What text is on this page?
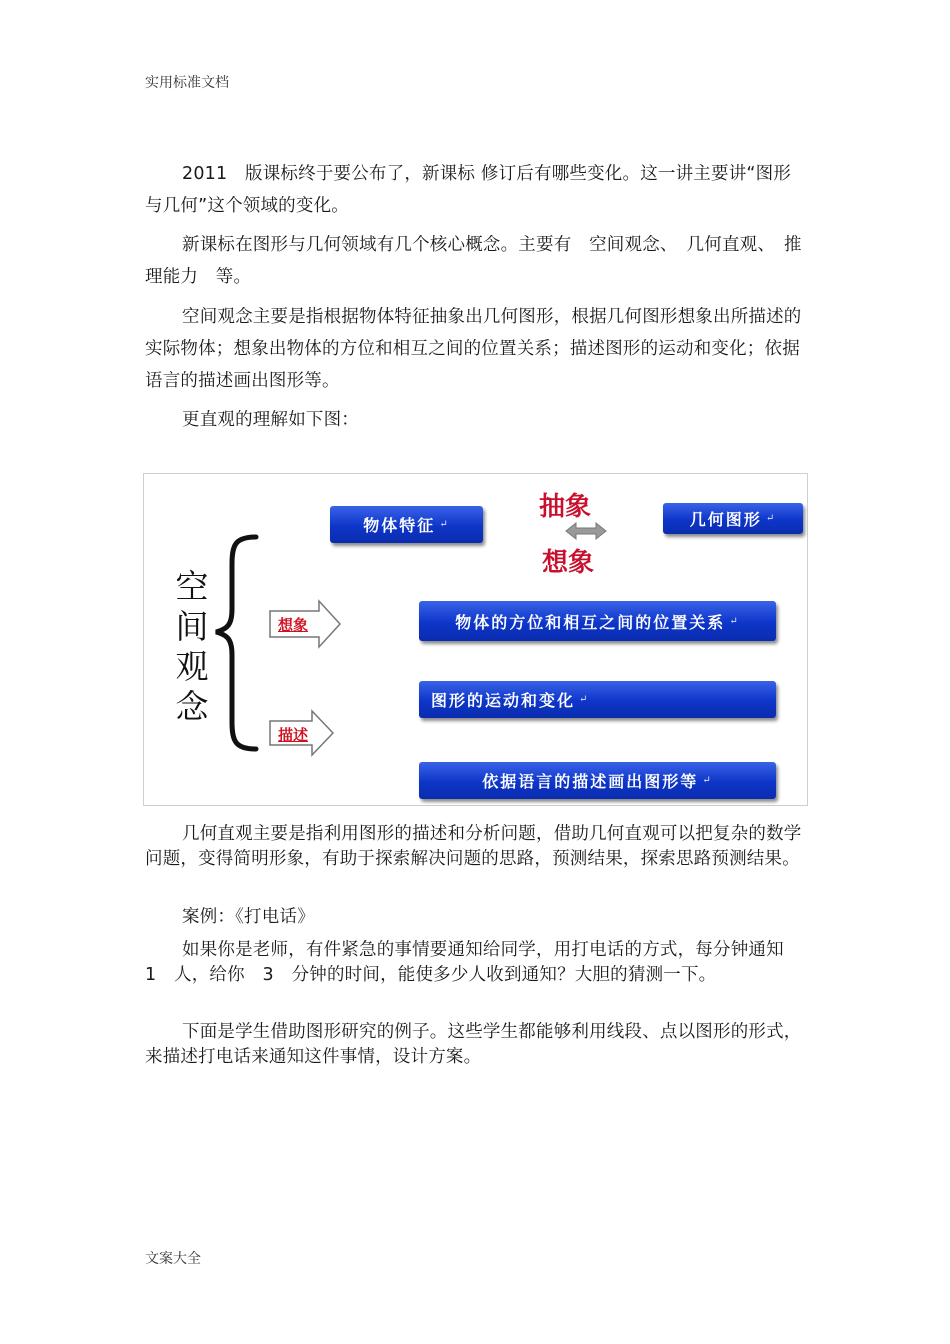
实用标准文档

2011　版课标终于要公布了，新课标 修订后有哪些变化。这一讲主要讲“图形与几何”这个领域的变化。

新课标在图形与几何领域有几个核心概念。主要有　空间观念、　几何直观、　推理能力　等。

空间观念主要是指根据物体特征抽象出几何图形，根据几何图形想象出所描述的实际物体；想象出物体的方位和相互之间的位置关系；描述图形的运动和变化；依据语言的描述画出图形等。

更直观的理解如下图：

空间观念
物体特征 ↵	几何图形 ↵
抽象
想象
想象
描述
物体的方位和相互之间的位置关系 ↵
图形的运动和变化 ↵
依据语言的描述画出图形等 ↵

几何直观主要是指利用图形的描述和分析问题，借助几何直观可以把复杂的数学问题，变得简明形象，有助于探索解决问题的思路，预测结果，探索思路预测结果。

案例：《打电话》

如果你是老师，有件紧急的事情要通知给同学，用打电话的方式，每分钟通知　1　人，给你　3　分钟的时间，能使多少人收到通知？大胆的猜测一下。

下面是学生借助图形研究的例子。这些学生都能够利用线段、点以图形的形式，来描述打电话来通知这件事情，设计方案。

文案大全
